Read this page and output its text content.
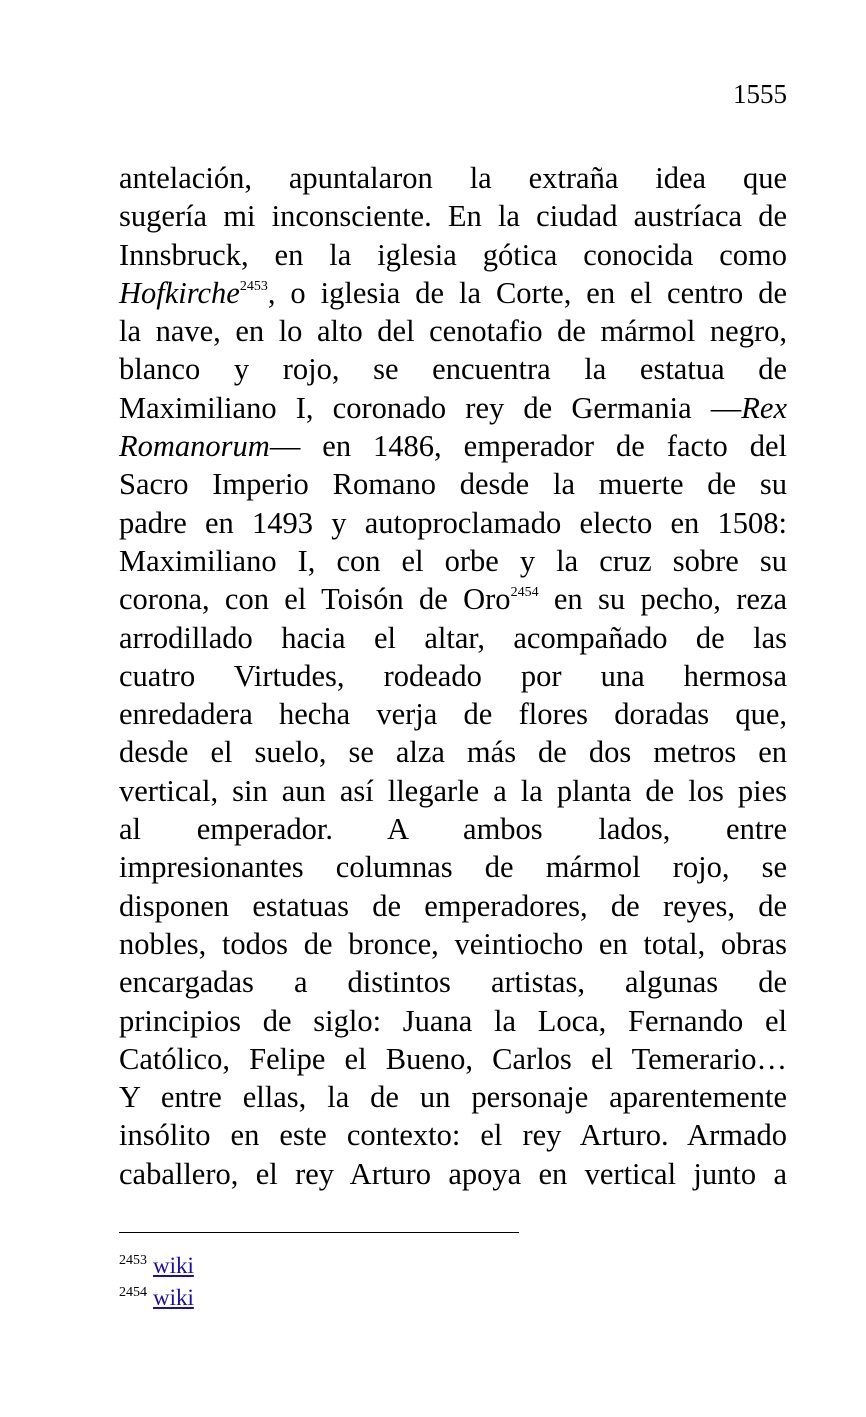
1555
antelación, apuntalaron la extraña idea que
sugería mi inconsciente. En la ciudad austríaca de
Innsbruck, en la iglesia gótica conocida como
Hofkirche$^{2453}$, o iglesia de la Corte, en el centro de
la nave, en lo alto del cenotafio de mármol negro,
blanco y rojo, se encuentra la estatua de
Maximiliano I, coronado rey de Germania —Rex
Romanorum— en 1486, emperador de facto del
Sacro Imperio Romano desde la muerte de su
padre en 1493 y autoproclamado electo en 1508:
Maximiliano I, con el orbe y la cruz sobre su
corona, con el Toisón de Oro$^{2454}$ en su pecho, reza
arrodillado hacia el altar, acompañado de las
cuatro Virtudes, rodeado por una hermosa
enredadera hecha verja de flores doradas que,
desde el suelo, se alza más de dos metros en
vertical, sin aun así llegarle a la planta de los pies
al emperador. A ambos lados, entre
impresionantes columnas de mármol rojo, se
disponen estatuas de emperadores, de reyes, de
nobles, todos de bronce, veintiocho en total, obras
encargadas a distintos artistas, algunas de
principios de siglo: Juana la Loca, Fernando el
Católico, Felipe el Bueno, Carlos el Temerario…
Y entre ellas, la de un personaje aparentemente
insólito en este contexto: el rey Arturo. Armado
caballero, el rey Arturo apoya en vertical junto a
$^{2453}$ wiki
$^{2454}$ wiki
